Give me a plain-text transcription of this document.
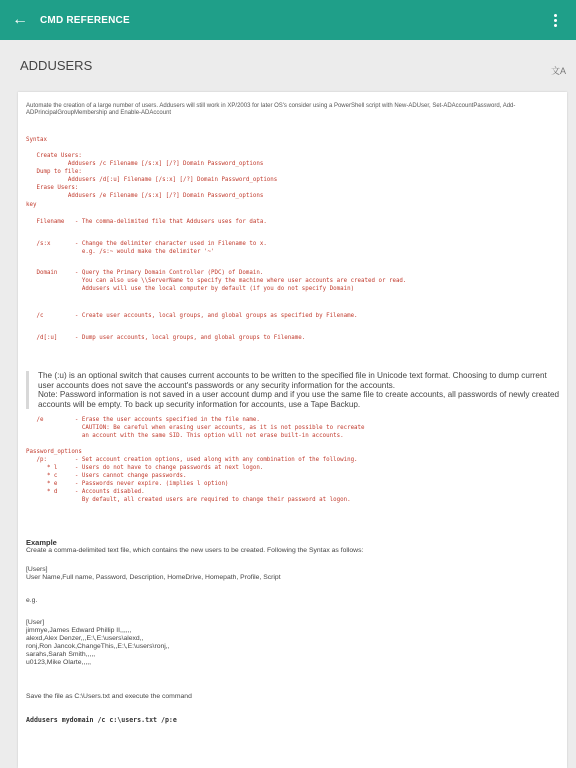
←	CMD REFERENCE
ADDUSERS	文A

Automate the creation of a large number of users. Addusers will still work in XP/2003 for later OS's consider using a PowerShell script with New-ADUser, Set-ADAccountPassword, Add-ADPrincipalGroupMembership and Enable-ADAccount

Syntax
Create Users:
Addusers /c Filename [/s:x] [/?] Domain Password_options
Dump to file:
Addusers /d[:u] Filename [/s:x] [/?] Domain Password_options
Erase Users:
Addusers /e Filename [/s:x] [/?] Domain Password_options
key
Filename   - The comma-delimited file that Addusers uses for data.
/s:x       - Change the delimiter character used in Filename to x.
e.g. /s:~ would make the delimiter '~'
Domain     - Query the Primary Domain Controller (PDC) of Domain.
You can also use \\ServerName to specify the machine where user accounts are created or read.
Addusers will use the local computer by default (if you do not specify Domain)
/c         - Create user accounts, local groups, and global groups as specified by Filename.
/d[:u]     - Dump user accounts, local groups, and global groups to Filename.

The (:u) is an optional switch that causes current accounts to be written to the specified file in Unicode text format. Choosing to dump current user accounts does not save the account's passwords or any security information for the accounts.

Note: Password information is not saved in a user account dump and if you use the same file to create accounts, all passwords of newly created accounts will be empty. To back up security information for accounts, use a Tape Backup.

/e         - Erase the user accounts specified in the file name.
CAUTION: Be careful when erasing user accounts, as it is not possible to recreate
an account with the same SID. This option will not erase built-in accounts.
Password_options
/p:        - Set account creation options, used along with any combination of the following.
* l     - Users do not have to change passwords at next logon.
* c     - Users cannot change passwords.
* e     - Passwords never expire. (implies l option)
* d     - Accounts disabled.
By default, all created users are required to change their password at logon.
Example

Create a comma-delimited text file, which contains the new users to be created. Following the Syntax as follows:

[Users]

User Name,Full name, Password, Description, HomeDrive, Homepath, Profile, Script

e.g.

[User]

jimmye,James Edward Phillip II,,,,,,

alexd,Alex Denzer,,,E:\,E:\users\alexd,,

ronj,Ron Jancok,ChangeThis,,E:\,E:\users\ronj,,

sarahs,Sarah Smith,,,,,

u0123,Mike Olarte,,,,,

Save the file as C:\Users.txt and execute the command

Addusers mydomain /c c:\users.txt /p:e
